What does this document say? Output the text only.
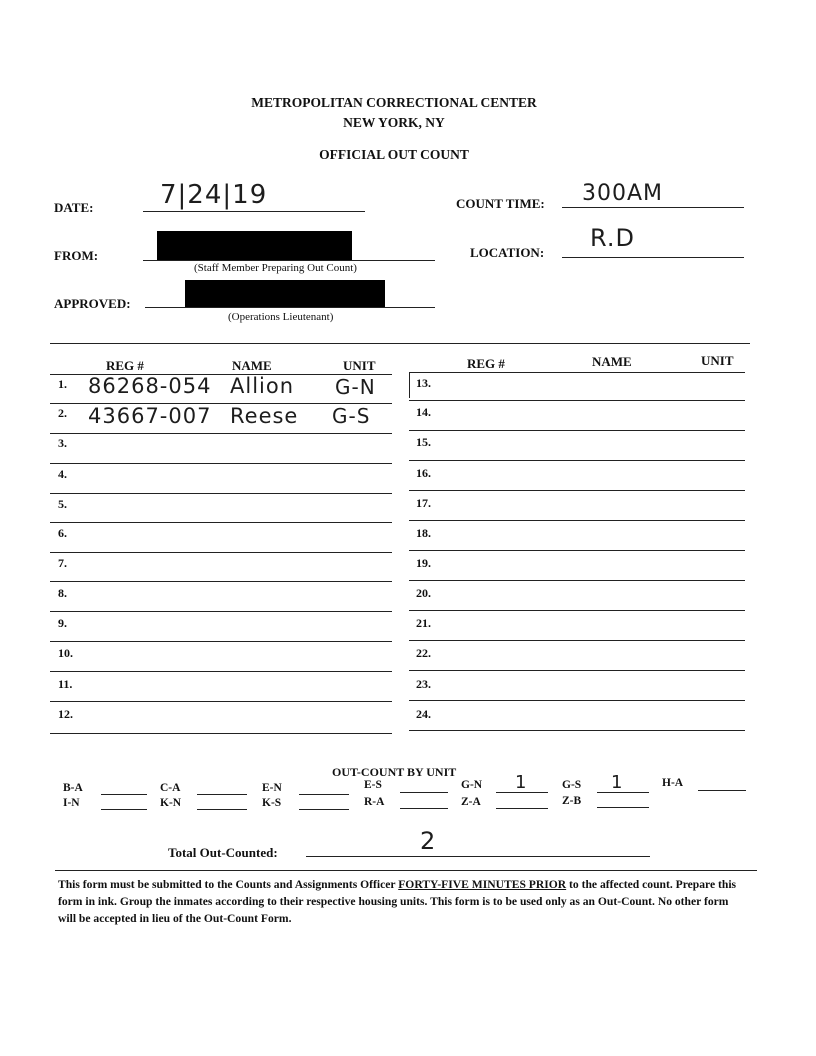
METROPOLITAN CORRECTIONAL CENTER
NEW YORK, NY
OFFICIAL OUT COUNT
DATE:	7|24|19	COUNT TIME: 300AM
FROM:
(Staff Member Preparing Out Count)
LOCATION:
R.D
APPROVED:
(Operations Lieutenant)
REG #	NAME	UNIT	REG #	NAME	UNIT
1. 86268-054 Allion G-N
2. 43667-007 Reese G-S
3.
4.
5.
6.
7.
8.
9.
10.
11.
12.
13.
14.
15.
16.
17.
18.
19.
20.
21.
22.
23.
24.
OUT-COUNT BY UNIT
B-A	C-A	E-N	E-S	G-N 1	G-S 1	H-A
I-N	K-N	K-S	R-A	Z-A	Z-B
Total Out-Counted:	2
This form must be submitted to the Counts and Assignments Officer FORTY-FIVE MINUTES PRIOR to the affected count. Prepare this form in ink. Group the inmates according to their respective housing units. This form is to be used only as an Out-Count. No other form will be accepted in lieu of the Out-Count Form.
